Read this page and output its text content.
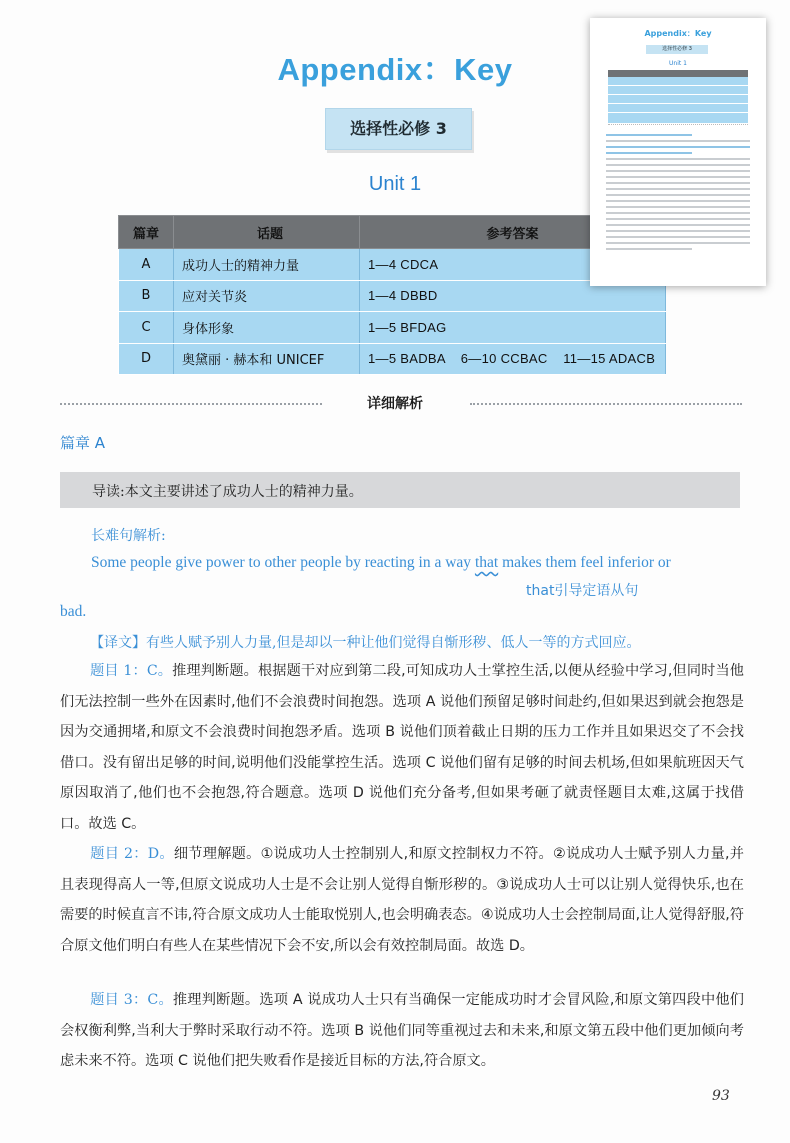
Appendix：Key
选择性必修 3
Unit 1
篇章	话题	参考答案
A	成功人士的精神力量	1—4 CDCA
B	应对关节炎	1—4 DBBD
C	身体形象	1—5 BFDAG
D	奥黛丽 · 赫本和 UNICEF	1—5 BADBA    6—10 CCBAC    11—15 ADACB
Appendix：Key
选择性必修 3
Unit 1
详细解析
篇章 A
导读:本文主要讲述了成功人士的精神力量。
长难句解析:
Some people give power to other people by reacting in a way that makes them feel inferior or
that引导定语从句
bad.
【译文】有些人赋予别人力量,但是却以一种让他们觉得自惭形秽、低人一等的方式回应。
题目 1：C。推理判断题。根据题干对应到第二段,可知成功人士掌控生活,以便从经验中学习,但同时当他们无法控制一些外在因素时,他们不会浪费时间抱怨。选项 A 说他们预留足够时间赴约,但如果迟到就会抱怨是因为交通拥堵,和原文不会浪费时间抱怨矛盾。选项 B 说他们顶着截止日期的压力工作并且如果迟交了不会找借口。没有留出足够的时间,说明他们没能掌控生活。选项 C 说他们留有足够的时间去机场,但如果航班因天气原因取消了,他们也不会抱怨,符合题意。选项 D 说他们充分备考,但如果考砸了就责怪题目太难,这属于找借口。故选 C。
题目 2：D。细节理解题。①说成功人士控制别人,和原文控制权力不符。②说成功人士赋予别人力量,并且表现得高人一等,但原文说成功人士是不会让别人觉得自惭形秽的。③说成功人士可以让别人觉得快乐,也在需要的时候直言不讳,符合原文成功人士能取悦别人,也会明确表态。④说成功人士会控制局面,让人觉得舒服,符合原文他们明白有些人在某些情况下会不安,所以会有效控制局面。故选 D。
题目 3：C。推理判断题。选项 A 说成功人士只有当确保一定能成功时才会冒风险,和原文第四段中他们会权衡利弊,当利大于弊时采取行动不符。选项 B 说他们同等重视过去和未来,和原文第五段中他们更加倾向考虑未来不符。选项 C 说他们把失败看作是接近目标的方法,符合原文。
93
